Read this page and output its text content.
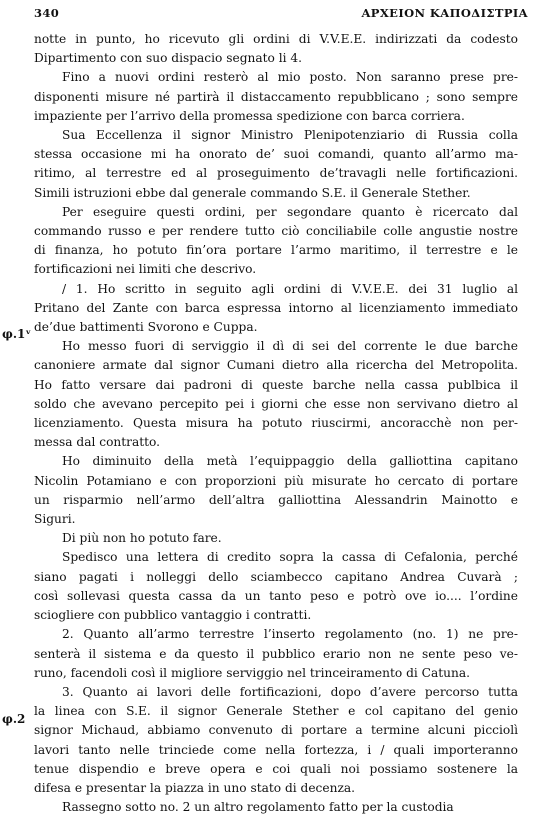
340	ΑΡΧΕΙΟΝ ΚΑΠΟΔΙΣΤΡΙΑ
φ.1ᵛ
φ.2
notte in punto, ho ricevuto gli ordini di V.V.E.E. indirizzati da codesto
Dipartimento con suo dispacio segnato li 4.
Fino a nuovi ordini resterò al mio posto. Non saranno prese pre-
disponenti misure né partirà il distaccamento repubblicano ; sono sempre
impaziente per l’arrivo della promessa spedizione con barca corriera.
Sua Eccellenza il signor Ministro Plenipotenziario di Russia colla
stessa occasione mi ha onorato de’ suoi comandi, quanto all’armo ma-
ritimo, al terrestre ed al proseguimento de’travagli nelle fortificazioni.
Simili istruzioni ebbe dal generale commando S.E. il Generale Stether.
Per eseguire questi ordini, per segondare quanto è ricercato dal
commando russo e per rendere tutto ciò conciliabile colle angustie nostre
di finanza, ho potuto fin’ora portare l’armo maritimo, il terrestre e le
fortificazioni nei limiti che descrivo.
/ 1. Ho scritto in seguito agli ordini di V.V.E.E. dei 31 luglio al
Pritano del Zante con barca espressa intorno al licenziamento immediato
de’due battimenti Svorono e Cuppa.
Ho messo fuori di serviggio il dì di sei del corrente le due barche
canoniere armate dal signor Cumani dietro alla ricercha del Metropolita.
Ho fatto versare dai padroni di queste barche nella cassa publbica il
soldo che avevano percepito pei i giorni che esse non servivano dietro al
licenziamento. Questa misura ha potuto riuscirmi, ancoracchè non per-
messa dal contratto.
Ho diminuito della metà l’equippaggio della galliottina capitano
Nicolin Potamiano e con proporzioni più misurate ho cercato di portare
un risparmio nell’armo dell’altra galliottina Alessandrin Mainotto e
Siguri.
Di più non ho potuto fare.
Spedisco una lettera di credito sopra la cassa di Cefalonia, perché
siano pagati i nolleggi dello sciambecco capitano Andrea Cuvarà ;
così sollevasi questa cassa da un tanto peso e potrò ove io.... l’ordine
sciogliere con pubblico vantaggio i contratti.
2. Quanto all’armo terrestre l’inserto regolamento (no. 1) ne pre-
senterà il sistema e da questo il pubblico erario non ne sente peso ve-
runo, facendoli così il migliore serviggio nel trinceiramento di Catuna.
3. Quanto ai lavori delle fortificazioni, dopo d’avere percorso tutta
la linea con S.E. il signor Generale Stether e col capitano del genio
signor Michaud, abbiamo convenuto di portare a termine alcuni picciolì
lavori tanto nelle trinciede come nella fortezza, i / quali importeranno
tenue dispendio e breve opera e coi quali noi possiamo sostenere la
difesa e presentar la piazza in uno stato di decenza.
Rassegno sotto no. 2 un altro regolamento fatto per la custodia
